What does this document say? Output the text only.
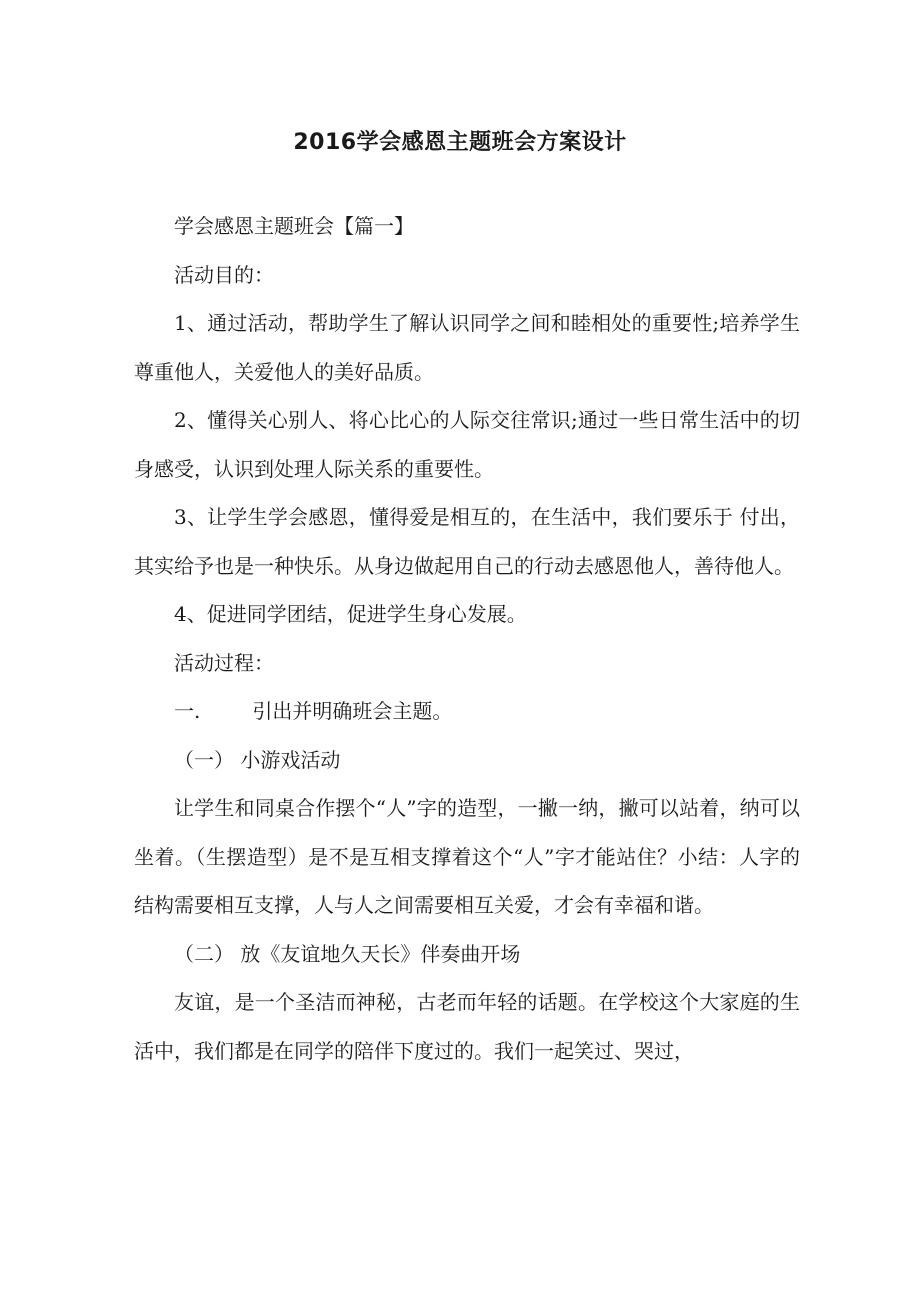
2016学会感恩主题班会方案设计

学会感恩主题班会【篇一】

活动目的：

1、通过活动，帮助学生了解认识同学之间和睦相处的重要性;培养学生尊重他人，关爱他人的美好品质。

2、懂得关心别人、将心比心的人际交往常识;通过一些日常生活中的切身感受，认识到处理人际关系的重要性。

3、让学生学会感恩，懂得爱是相互的，在生活中，我们要乐于 付出，其实给予也是一种快乐。从身边做起用自己的行动去感恩他人，善待他人。

4、促进同学团结，促进学生身心发展。

活动过程：

一.	引出并明确班会主题。

（一） 小游戏活动

让学生和同桌合作摆个“人”字的造型，一撇一纳，撇可以站着，纳可以坐着。（生摆造型）是不是互相支撑着这个“人”字才能站住？小结：人字的结构需要相互支撑，人与人之间需要相互关爱，才会有幸福和谐。

（二） 放《友谊地久天长》伴奏曲开场

友谊，是一个圣洁而神秘，古老而年轻的话题。在学校这个大家庭的生活中，我们都是在同学的陪伴下度过的。我们一起笑过、哭过，
